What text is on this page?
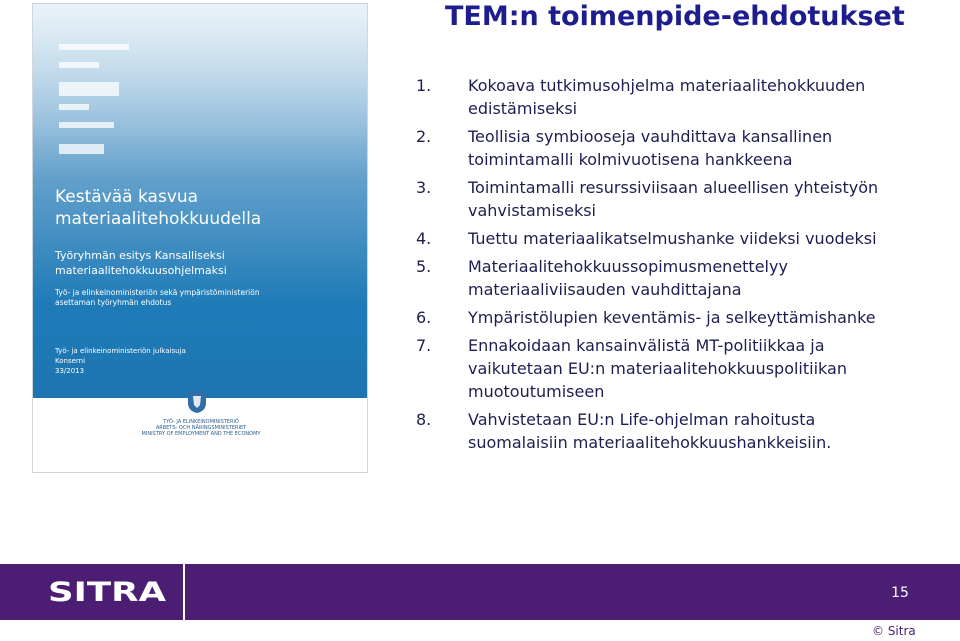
TEM:n toimenpide-ehdotukset
Kestävää kasvua
materiaalitehokkuudella
Työryhmän esitys Kansalliseksi
materiaalitehokkuusohjelmaksi
Työ- ja elinkeinoministeriön sekä ympäristöministeriön
asettaman työryhmän ehdotus
Työ- ja elinkeinoministeriön julkaisuja
Konserni
33/2013
TYÖ- JA ELINKEINOMINISTERIÖ
ARBETS- OCH NÄRINGSMINISTERIET
MINISTRY OF EMPLOYMENT AND THE ECONOMY
1. Kokoava tutkimusohjelma materiaalitehokkuuden
edistämiseksi
2. Teollisia symbiooseja vauhdittava kansallinen
toimintamalli kolmivuotisena hankkeena
3. Toimintamalli resurssiviisaan alueellisen yhteistyön
vahvistamiseksi
4. Tuettu materiaalikatselmushanke viideksi vuodeksi
5. Materiaalitehokkuussopimusmenettelyy
materiaaliviisauden vauhdittajana
6. Ympäristölupien keventämis- ja selkeyttämishanke
7. Ennakoidaan kansainvälistä MT-politiikkaa ja
vaikutetaan EU:n materiaalitehokkuuspolitiikan
muotoutumiseen
8. Vahvistetaan EU:n Life-ohjelman rahoitusta
suomalaisiin materiaalitehokkuushankkeisiin.
SITRA	15
© Sitra
